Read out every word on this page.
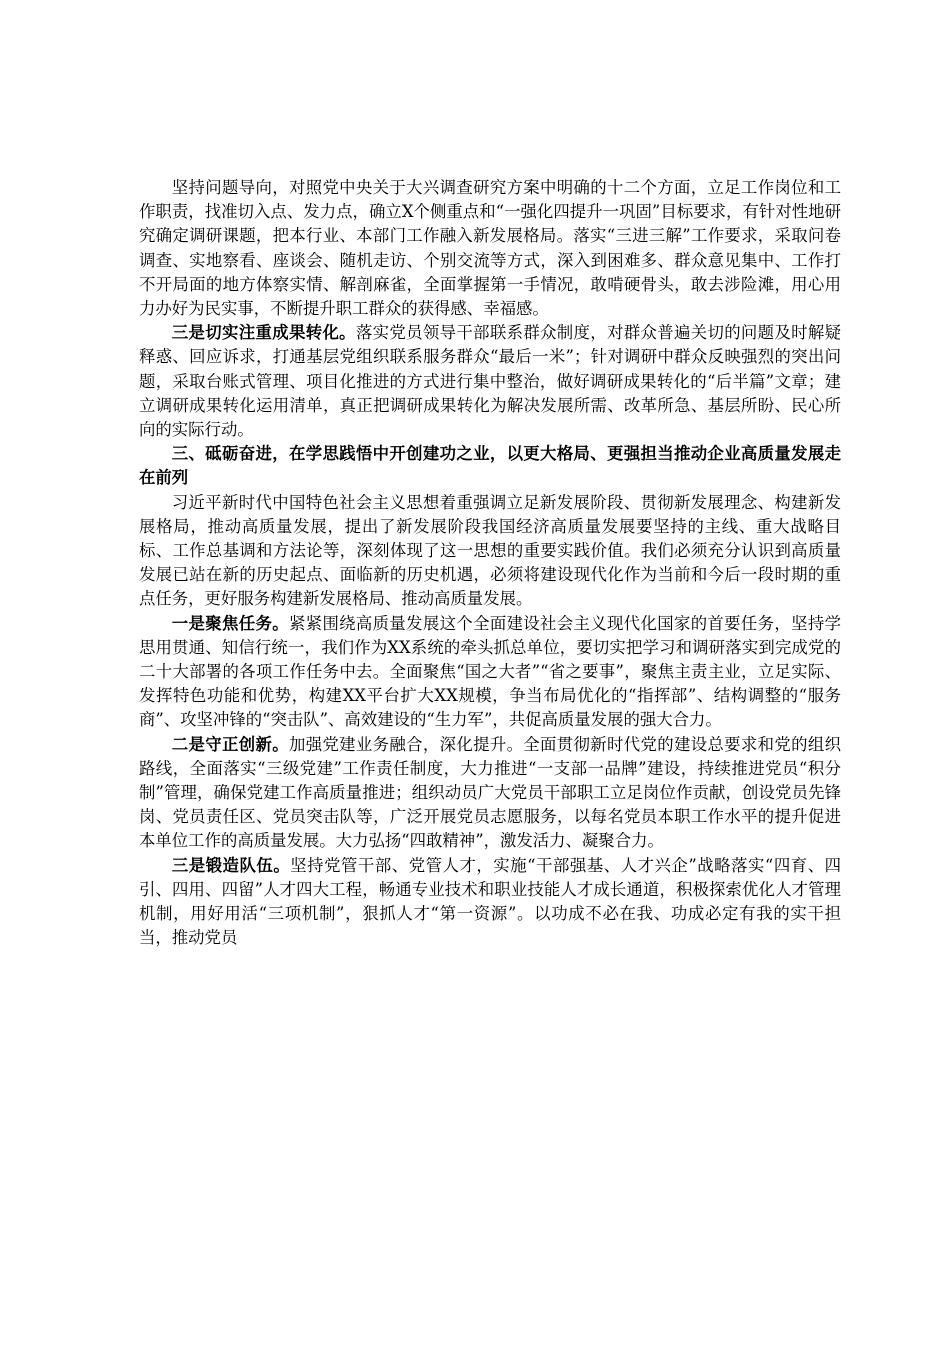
坚持问题导向，对照党中央关于大兴调查研究方案中明确的十二个方面，立足工作岗位和工作职责，找准切入点、发力点，确立X个侧重点和“一强化四提升一巩固”目标要求，有针对性地研究确定调研课题，把本行业、本部门工作融入新发展格局。落实“三进三解”工作要求，采取问卷调查、实地察看、座谈会、随机走访、个别交流等方式，深入到困难多、群众意见集中、工作打不开局面的地方体察实情、解剖麻雀，全面掌握第一手情况，敢啃硬骨头，敢去涉险滩，用心用力办好为民实事，不断提升职工群众的获得感、幸福感。

三是切实注重成果转化。落实党员领导干部联系群众制度，对群众普遍关切的问题及时解疑释惑、回应诉求，打通基层党组织联系服务群众“最后一米”；针对调研中群众反映强烈的突出问题，采取台账式管理、项目化推进的方式进行集中整治，做好调研成果转化的“后半篇”文章；建立调研成果转化运用清单，真正把调研成果转化为解决发展所需、改革所急、基层所盼、民心所向的实际行动。

三、砥砺奋进，在学思践悟中开创建功之业，以更大格局、更强担当推动企业高质量发展走在前列

习近平新时代中国特色社会主义思想着重强调立足新发展阶段、贯彻新发展理念、构建新发展格局，推动高质量发展，提出了新发展阶段我国经济高质量发展要坚持的主线、重大战略目标、工作总基调和方法论等，深刻体现了这一思想的重要实践价值。我们必须充分认识到高质量发展已站在新的历史起点、面临新的历史机遇，必须将建设现代化作为当前和今后一段时期的重点任务，更好服务构建新发展格局、推动高质量发展。

一是聚焦任务。紧紧围绕高质量发展这个全面建设社会主义现代化国家的首要任务，坚持学思用贯通、知信行统一，我们作为XX系统的牵头抓总单位，要切实把学习和调研落实到完成党的二十大部署的各项工作任务中去。全面聚焦“国之大者”“省之要事”，聚焦主责主业，立足实际、发挥特色功能和优势，构建XX平台扩大XX规模，争当布局优化的“指挥部”、结构调整的“服务商”、攻坚冲锋的“突击队”、高效建设的“生力军”，共促高质量发展的强大合力。

二是守正创新。加强党建业务融合，深化提升。全面贯彻新时代党的建设总要求和党的组织路线，全面落实“三级党建”工作责任制度，大力推进“一支部一品牌”建设，持续推进党员“积分制”管理，确保党建工作高质量推进；组织动员广大党员干部职工立足岗位作贡献，创设党员先锋岗、党员责任区、党员突击队等，广泛开展党员志愿服务，以每名党员本职工作水平的提升促进本单位工作的高质量发展。大力弘扬“四敢精神”，激发活力、凝聚合力。

三是锻造队伍。坚持党管干部、党管人才，实施“干部强基、人才兴企”战略落实“四育、四引、四用、四留”人才四大工程，畅通专业技术和职业技能人才成长通道，积极探索优化人才管理机制，用好用活“三项机制”，狠抓人才“第一资源”。以功成不必在我、功成必定有我的实干担当，推动党员
